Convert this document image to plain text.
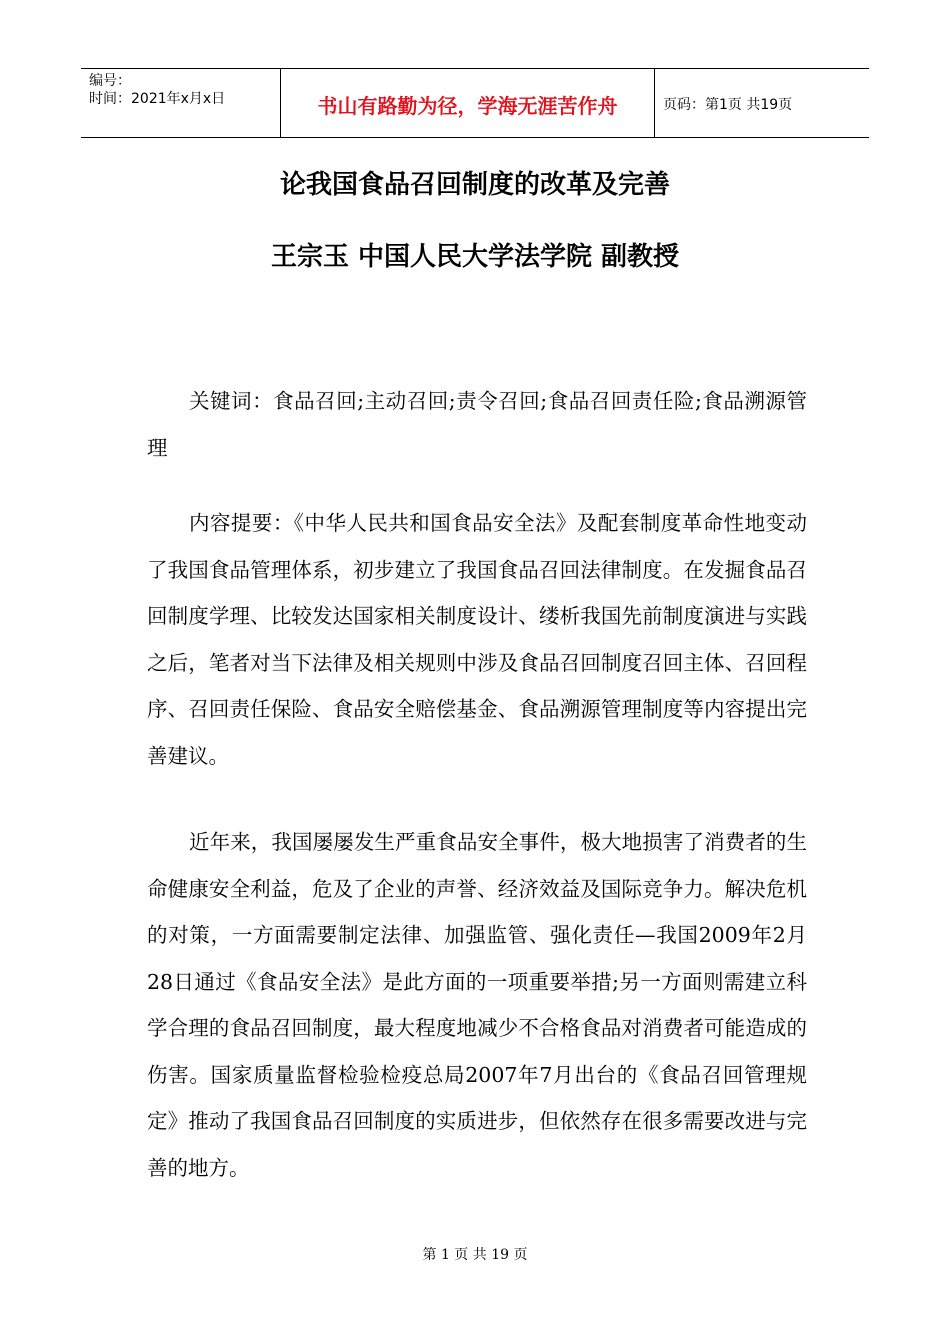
编号：
时间：2021年x月x日	书山有路勤为径，学海无涯苦作舟	页码：第1页 共19页
论我国食品召回制度的改革及完善
王宗玉 中国人民大学法学院 副教授
关键词：食品召回;主动召回;责令召回;食品召回责任险;食品溯源管理
内容提要：《中华人民共和国食品安全法》及配套制度革命性地变动了我国食品管理体系，初步建立了我国食品召回法律制度。在发掘食品召回制度学理、比较发达国家相关制度设计、缕析我国先前制度演进与实践之后，笔者对当下法律及相关规则中涉及食品召回制度召回主体、召回程序、召回责任保险、食品安全赔偿基金、食品溯源管理制度等内容提出完善建议。
近年来，我国屡屡发生严重食品安全事件，极大地损害了消费者的生命健康安全利益，危及了企业的声誉、经济效益及国际竞争力。解决危机的对策，一方面需要制定法律、加强监管、强化责任—我国2009年2月28日通过《食品安全法》是此方面的一项重要举措;另一方面则需建立科学合理的食品召回制度，最大程度地减少不合格食品对消费者可能造成的伤害。国家质量监督检验检疫总局2007年7月出台的《食品召回管理规定》推动了我国食品召回制度的实质进步，但依然存在很多需要改进与完善的地方。
第 1 页 共 19 页
